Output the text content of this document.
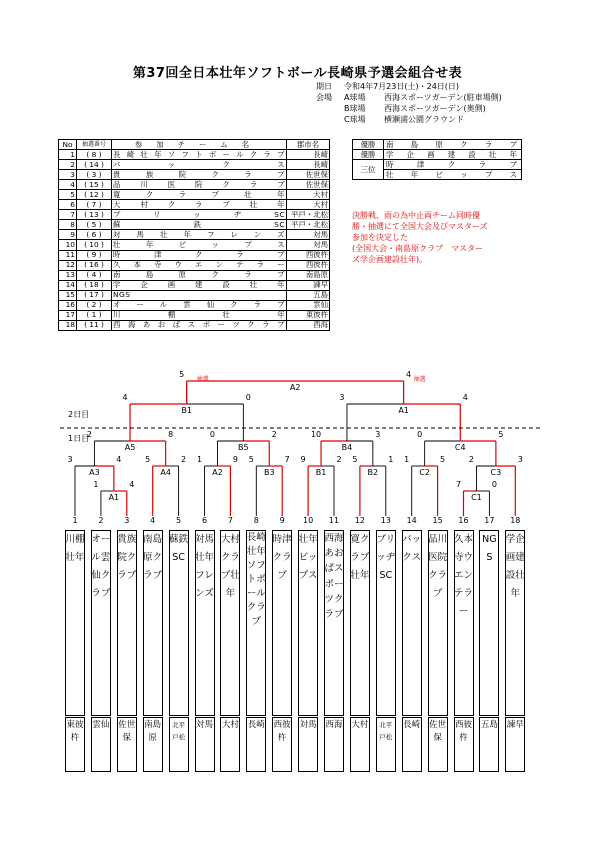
第37回全日本壮年ソフトボール長崎県予選会組合せ表
期日 令和4年7月23日(土)・24日(日)
会場 A球場 西海スポーツガーデン(駐車場側)
B球場 西海スポーツガーデン(奥側)
C球場 横瀬浦公園グラウンド
No	抽選番号	参加チーム名	郡市名
1	( 8 )	長崎壮年ソフトボールクラブ	長崎
2	( 14 )	バックス	長崎
3	( 3 )	貴族院クラブ	佐世保
4	( 15 )	品川医院クラブ	佐世保
5	( 12 )	寛クラブ壮年	大村
6	( 7 )	大村クラブ壮年	大村
7	( 13 )	ブリッヂSC	平戸・北松
8	( 5 )	蘇鉄SC	平戸・北松
9	( 6 )	対馬壮年フレンズ	対馬
10	( 10 )	壮年ビップス	対馬
11	( 9 )	時津クラブ	西彼杵
12	( 16 )	久本寺ウエンテラー	西彼杵
13	( 4 )	南島原クラブ	南島原
14	( 18 )	学企画建設壮年	諫早
15	( 17 )	NGS	五島
16	( 2 )	オール雲仙クラブ	雲仙
17	( 1 )	川棚壮年	東彼杵
18	( 11 )	西海あおばスポーツクラブ	西海
優勝	南島原クラブ
優勝	学企画建設壮年
三位	時津クラブ
	壮年ビップス
決勝戦、雨の為中止両チーム同時優
勝・抽選にて全国大会及びマスターズ
参加を決定した
(全国大会・南島原クラブ　マスター
ズ学企画建設壮年)。
2日目
1日目
1
川棚壮年
東彼杵
2
オール雲仙クラブ
雲仙
3
貴族院クラブ
佐世保
4
南島原クラブ
南島原
5
蘇鉄SC
北平戸松
6
対馬壮年フレンズ
対馬
7
大村クラブ壮年
大村
8
長崎壮年ソフトボールクラブ
長崎
9
時津クラブ
西彼杵
10
壮年ビップス
対馬
11
西海あおばスポーツクラブ
西海
12
寛クラブ壮年
大村
13
ブリッヂSC
北平戸松
14
バックス
長崎
15
品川医院クラブ
佐世保
16
久本寺ウエンテラー
西彼杵
17
NGS
五島
18
学企画建設壮年
諫早
A1
1	4
C1
7	0
A3
3	4
A4
5	2
A2
1	9
B3
5	7
B1
9	2
B2
5	1
C2
1	5
C3
2	3
A5
2	8
B5
0	2
B4
10	3
C4
0	5
B1
4	0
A1
3	4
A2
5	4
抽選	抽選
